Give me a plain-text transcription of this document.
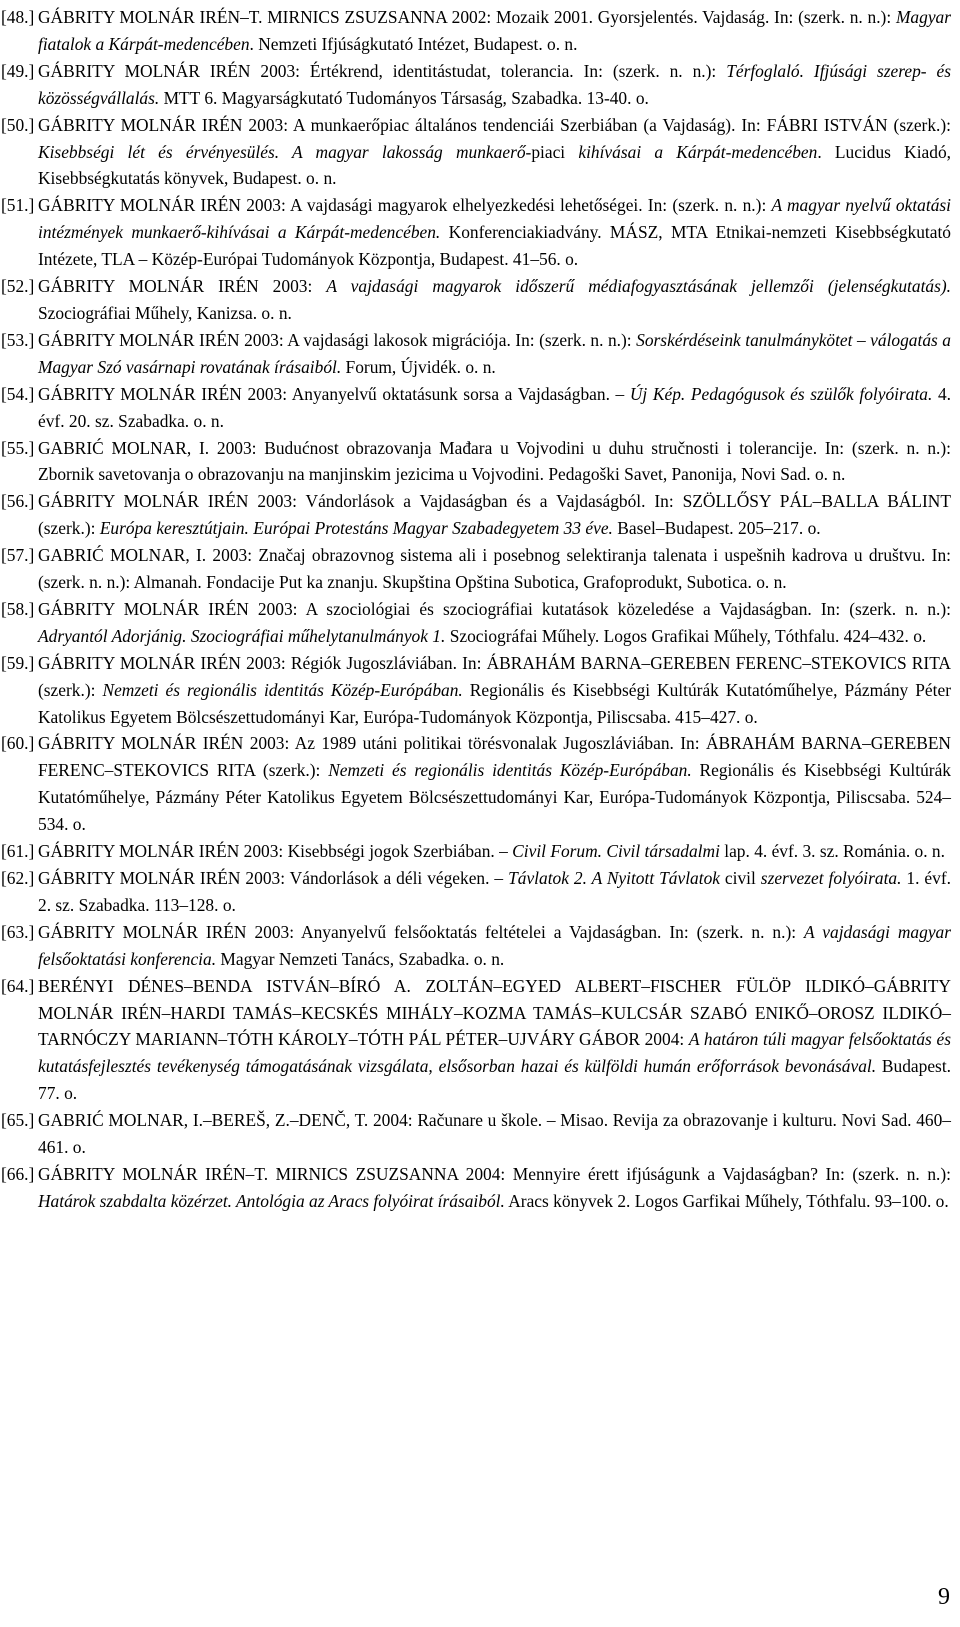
[48.] GÁBRITY MOLNÁR IRÉN–T. MIRNICS ZSUZSANNA 2002: Mozaik 2001. Gyorsjelentés. Vajdaság. In: (szerk. n. n.): Magyar fiatalok a Kárpát-medencében. Nemzeti Ifjúságkutató Intézet, Budapest. o. n.
[49.] GÁBRITY MOLNÁR IRÉN 2003: Értékrend, identitástudat, tolerancia. In: (szerk. n. n.): Térfoglaló. Ifjúsági szerep- és közösségvállalás. MTT 6. Magyarságkutató Tudományos Társaság, Szabadka. 13-40. o.
[50.] GÁBRITY MOLNÁR IRÉN 2003: A munkaerőpiac általános tendenciái Szerbiában (a Vajdaság). In: FÁBRI ISTVÁN (szerk.): Kisebbségi lét és érvényesülés. A magyar lakosság munkaerő-piaci kihívásai a Kárpát-medencében. Lucidus Kiadó, Kisebbségkutatás könyvek, Budapest. o. n.
[51.] GÁBRITY MOLNÁR IRÉN 2003: A vajdasági magyarok elhelyezkedési lehetőségei. In: (szerk. n. n.): A magyar nyelvű oktatási intézmények munkaerő-kihívásai a Kárpát-medencében. Konferenciakiadvány. MÁSZ, MTA Etnikai-nemzeti Kisebbségkutató Intézete, TLA – Közép-Európai Tudományok Központja, Budapest. 41–56. o.
[52.] GÁBRITY MOLNÁR IRÉN 2003: A vajdasági magyarok időszerű médiafogyasztásának jellemzői (jelenségkutatás). Szociográfiai Műhely, Kanizsa. o. n.
[53.] GÁBRITY MOLNÁR IRÉN 2003: A vajdasági lakosok migrációja. In: (szerk. n. n.): Sorskérdéseink tanulmánykötet – válogatás a Magyar Szó vasárnapi rovatának írásaiból. Forum, Újvidék. o. n.
[54.] GÁBRITY MOLNÁR IRÉN 2003: Anyanyelvű oktatásunk sorsa a Vajdaságban. – Új Kép. Pedagógusok és szülők folyóirata. 4. évf. 20. sz. Szabadka. o. n.
[55.] GABRIĆ MOLNAR, I. 2003: Budućnost obrazovanja Mađara u Vojvodini u duhu stručnosti i tolerancije. In: (szerk. n. n.): Zbornik savetovanja o obrazovanju na manjinskim jezicima u Vojvodini. Pedagoški Savet, Panonija, Novi Sad. o. n.
[56.] GÁBRITY MOLNÁR IRÉN 2003: Vándorlások a Vajdaságban és a Vajdaságból. In: SZÖLLŐSY PÁL–BALLA BÁLINT (szerk.): Európa keresztútjain. Európai Protestáns Magyar Szabadegyetem 33 éve. Basel–Budapest. 205–217. o.
[57.] GABRIĆ MOLNAR, I. 2003: Značaj obrazovnog sistema ali i posebnog selektiranja talenata i uspešnih kadrova u društvu. In: (szerk. n. n.): Almanah. Fondacije Put ka znanju. Skupština Opština Subotica, Grafoprodukt, Subotica. o. n.
[58.] GÁBRITY MOLNÁR IRÉN 2003: A szociológiai és szociográfiai kutatások közeledése a Vajdaságban. In: (szerk. n. n.): Adryantól Adorjánig. Szociográfiai műhelytanulmányok 1. Szociográfai Műhely. Logos Grafikai Műhely, Tóthfalu. 424–432. o.
[59.] GÁBRITY MOLNÁR IRÉN 2003: Régiók Jugoszláviában. In: ÁBRAHÁM BARNA–GEREBEN FERENC–STEKOVICS RITA (szerk.): Nemzeti és regionális identitás Közép-Európában. Regionális és Kisebbségi Kultúrák Kutatóműhelye, Pázmány Péter Katolikus Egyetem Bölcsészettudományi Kar, Európa-Tudományok Központja, Piliscsaba. 415–427. o.
[60.] GÁBRITY MOLNÁR IRÉN 2003: Az 1989 utáni politikai törésvonalak Jugoszláviában. In: ÁBRAHÁM BARNA–GEREBEN FERENC–STEKOVICS RITA (szerk.): Nemzeti és regionális identitás Közép-Európában. Regionális és Kisebbségi Kultúrák Kutatóműhelye, Pázmány Péter Katolikus Egyetem Bölcsészettudományi Kar, Európa-Tudományok Központja, Piliscsaba. 524–534. o.
[61.] GÁBRITY MOLNÁR IRÉN 2003: Kisebbségi jogok Szerbiában. – Civil Forum. Civil társadalmi lap. 4. évf. 3. sz. Románia. o. n.
[62.] GÁBRITY MOLNÁR IRÉN 2003: Vándorlások a déli végeken. – Távlatok 2. A Nyitott Távlatok civil szervezet folyóirata. 1. évf. 2. sz. Szabadka. 113–128. o.
[63.] GÁBRITY MOLNÁR IRÉN 2003: Anyanyelvű felsőoktatás feltételei a Vajdaságban. In: (szerk. n. n.): A vajdasági magyar felsőoktatási konferencia. Magyar Nemzeti Tanács, Szabadka. o. n.
[64.] BERÉNYI DÉNES–BENDA ISTVÁN–BÍRÓ A. ZOLTÁN–EGYED ALBERT–FISCHER FÜLÖP ILDIKÓ–GÁBRITY MOLNÁR IRÉN–HARDI TAMÁS–KECSKÉS MIHÁLY–KOZMA TAMÁS–KULCSÁR SZABÓ ENIKŐ–OROSZ ILDIKÓ–TARNÓCZY MARIANN–TÓTH KÁROLY–TÓTH PÁL PÉTER–UJVÁRY GÁBOR 2004: A határon túli magyar felsőoktatás és kutatásfejlesztés tevékenység támogatásának vizsgálata, elsősorban hazai és külföldi humán erőforrások bevonásával. Budapest. 77. o.
[65.] GABRIĆ MOLNAR, I.–BEREŠ, Z.–DENČ, T. 2004: Računare u škole. – Misao. Revija za obrazovanje i kulturu. Novi Sad. 460–461. o.
[66.] GÁBRITY MOLNÁR IRÉN–T. MIRNICS ZSUZSANNA 2004: Mennyire érett ifjúságunk a Vajdaságban? In: (szerk. n. n.): Határok szabdalta közérzet. Antológia az Aracs folyóirat írásaiból. Aracs könyvek 2. Logos Garfikai Műhely, Tóthfalu. 93–100. o.
9
